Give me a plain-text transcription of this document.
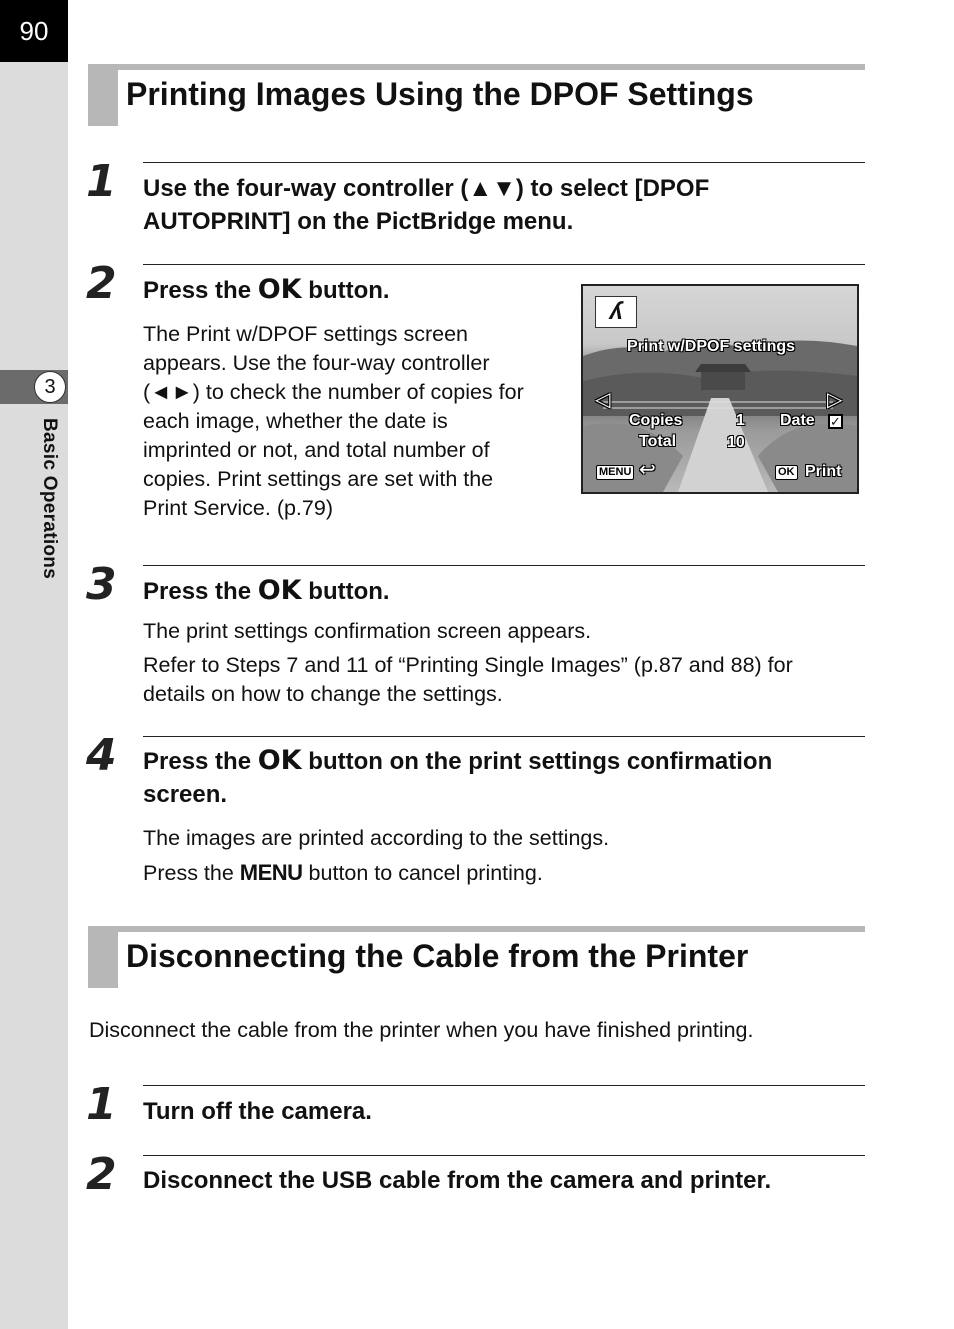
90
3
Basic Operations
Printing Images Using the DPOF Settings
1 Use the four-way controller (▲▼) to select [DPOF AUTOPRINT] on the PictBridge menu.
2 Press the OK button.
The Print w/DPOF settings screen appears. Use the four-way controller (◄►) to check the number of copies for each image, whether the date is imprinted or not, and total number of copies. Print settings are set with the Print Service. (p.79)
ʎ
Print w/DPOF settings
◁	▷
Copies	1 Date ✓
Total	10
MENU ↩	OK Print
3 Press the OK button.

The print settings confirmation screen appears.

Refer to Steps 7 and 11 of “Printing Single Images” (p.87 and 88) for details on how to change the settings.

4 Press the OK button on the print settings confirmation screen.

The images are printed according to the settings.

Press the MENU button to cancel printing.

Disconnecting the Cable from the Printer
Disconnect the cable from the printer when you have finished printing.
1 Turn off the camera.
2 Disconnect the USB cable from the camera and printer.
